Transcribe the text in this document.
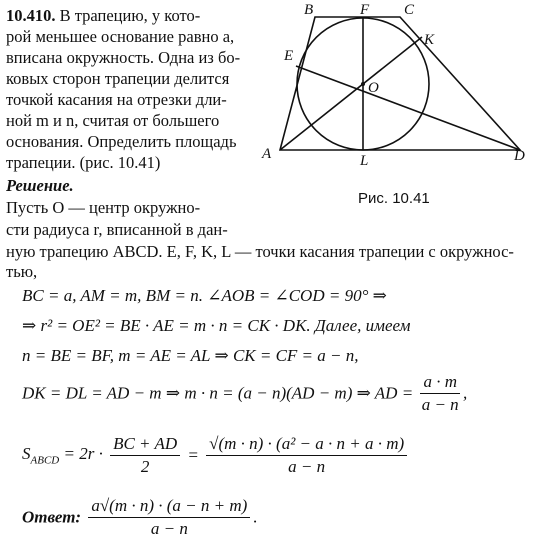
10.410. В трапецию, у кото-
рой меньшее основание равно a,
вписана окружность. Одна из бо-
ковых сторон трапеции делится
точкой касания на отрезки дли-
ной m и n, считая от большего
основания. Определить площадь
трапеции. (рис. 10.41)	A
B	F C
K
E
O
L	D
Рис. 10.41
Решение.
Пусть O — центр окружно-
сти радиуса r, вписанной в дан-
ную трапецию ABCD. E, F, K, L — точки касания трапеции с окружнос-
тью,
BC = a, AM = m, BM = n. ∠AOB = ∠COD = 90° ⇒
⇒ r² = OE² = BE · AE = m · n = CK · DK. Далее, имеем
n = BE = BF, m = AE = AL ⇒ CK = CF = a − n,
DK = DL = AD − m ⇒ m · n = (a − n)(AD − m) ⇒ AD = $\frac{a \cdot m}{a - n}$ ,
$S_{ABCD} = 2r \cdot \frac{BC + AD}{2} = \frac{\text{√(m · n) · (a² − a · n + a · m)}}{a - n}$
Ответ: $\frac{a√(m \cdot n) \cdot (a - n + m)}{a - n}$ .
